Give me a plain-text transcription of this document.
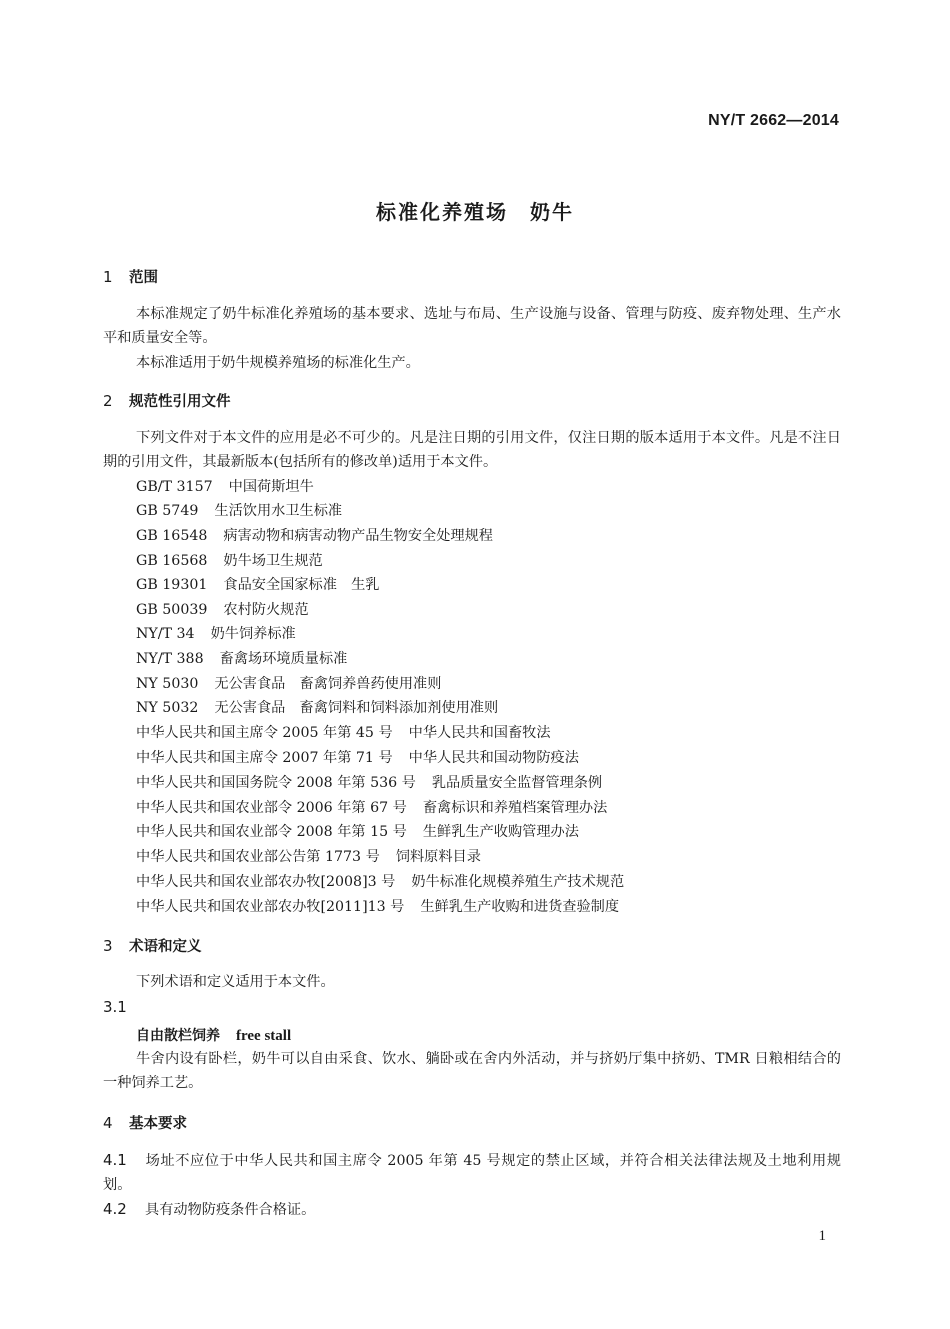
NY/T 2662—2014
标准化养殖场 奶牛
1 范围
本标准规定了奶牛标准化养殖场的基本要求、选址与布局、生产设施与设备、管理与防疫、废弃物处理、生产水平和质量安全等。
本标准适用于奶牛规模养殖场的标准化生产。
2 规范性引用文件
下列文件对于本文件的应用是必不可少的。凡是注日期的引用文件，仅注日期的版本适用于本文件。凡是不注日期的引用文件，其最新版本(包括所有的修改单)适用于本文件。
GB/T 3157 中国荷斯坦牛
GB 5749 生活饮用水卫生标准
GB 16548 病害动物和病害动物产品生物安全处理规程
GB 16568 奶牛场卫生规范
GB 19301 食品安全国家标准　生乳
GB 50039 农村防火规范
NY/T 34 奶牛饲养标准
NY/T 388 畜禽场环境质量标准
NY 5030 无公害食品　畜禽饲养兽药使用准则
NY 5032 无公害食品　畜禽饲料和饲料添加剂使用准则
中华人民共和国主席令 2005 年第 45 号 中华人民共和国畜牧法
中华人民共和国主席令 2007 年第 71 号 中华人民共和国动物防疫法
中华人民共和国国务院令 2008 年第 536 号 乳品质量安全监督管理条例
中华人民共和国农业部令 2006 年第 67 号 畜禽标识和养殖档案管理办法
中华人民共和国农业部令 2008 年第 15 号 生鲜乳生产收购管理办法
中华人民共和国农业部公告第 1773 号 饲料原料目录
中华人民共和国农业部农办牧[2008]3 号 奶牛标准化规模养殖生产技术规范
中华人民共和国农业部农办牧[2011]13 号 生鲜乳生产收购和进货查验制度
3 术语和定义
下列术语和定义适用于本文件。
3.1
自由散栏饲养 free stall
牛舍内设有卧栏，奶牛可以自由采食、饮水、躺卧或在舍内外活动，并与挤奶厅集中挤奶、TMR 日粮相结合的一种饲养工艺。
4 基本要求
4.1 场址不应位于中华人民共和国主席令 2005 年第 45 号规定的禁止区域，并符合相关法律法规及土地利用规划。
4.2 具有动物防疫条件合格证。
1
